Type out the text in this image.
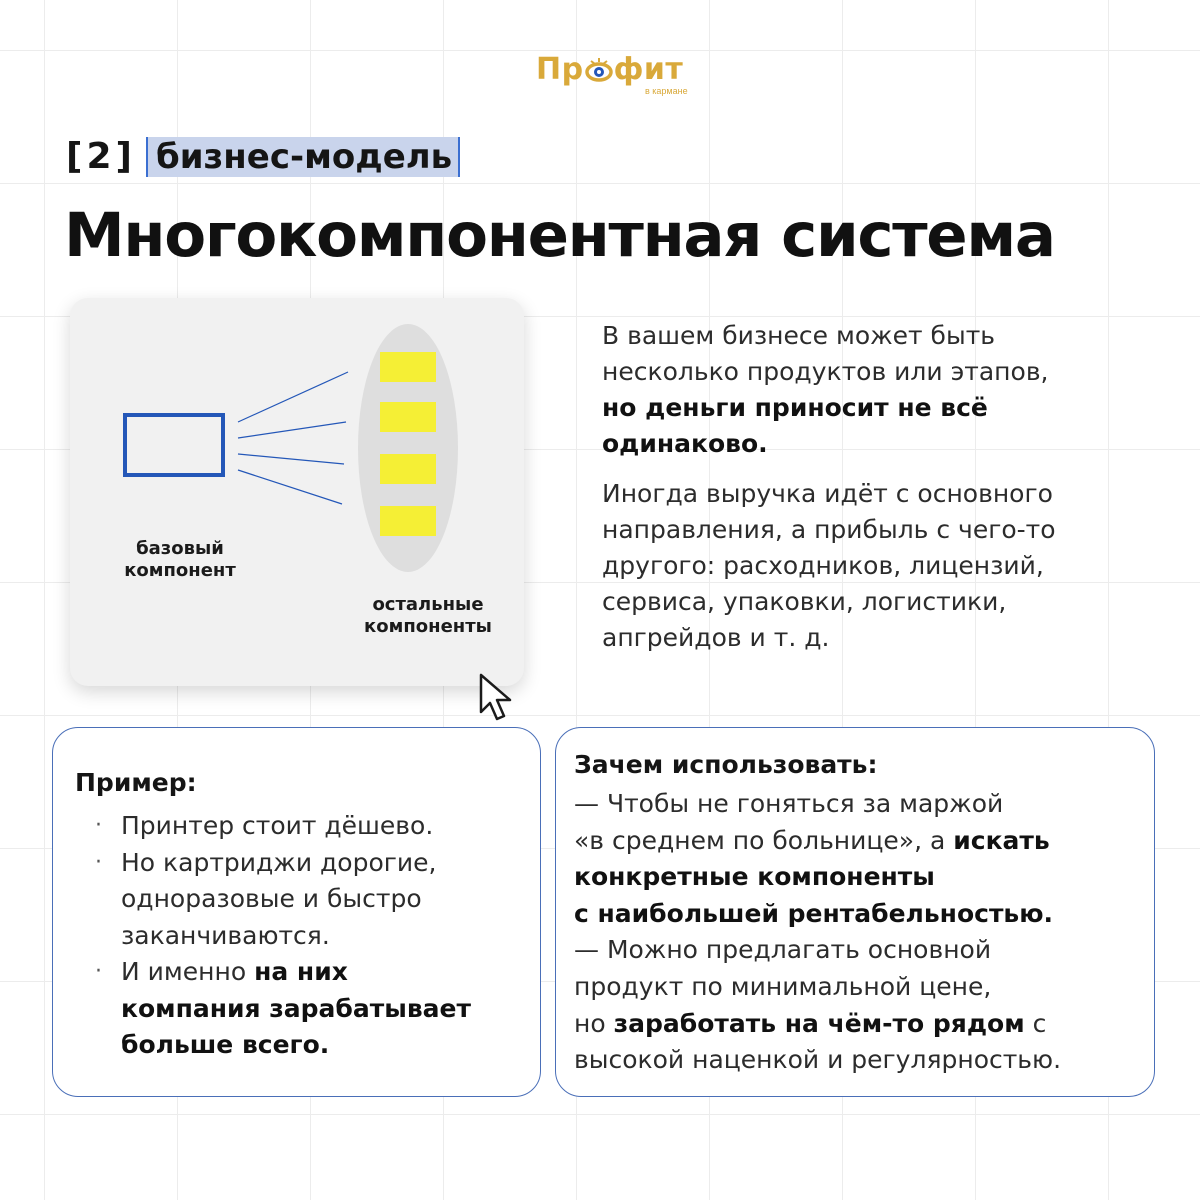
Пр фит
в кармане
[2] бизнес-модель
Многокомпонентная система
базовый
компонент
остальные
компоненты

В вашем бизнесе может быть
несколько продуктов или этапов,
но деньги приносит не всё
одинаково.

Иногда выручка идёт с основного
направления, а прибыль с чего-то
другого: расходников, лицензий,
сервиса, упаковки, логистики,
апгрейдов и т. д.

Пример:
· Принтер стоит дёшево.
· Но картриджи дорогие,
одноразовые и быстро
заканчиваются.
· И именно на них
компания зарабатывает
больше всего.
Зачем использовать:
— Чтобы не гоняться за маржой
«в среднем по больнице», а искать
конкретные компоненты
с наибольшей рентабельностью.
— Можно предлагать основной
продукт по минимальной цене,
но заработать на чём-то рядом с
высокой наценкой и регулярностью.
